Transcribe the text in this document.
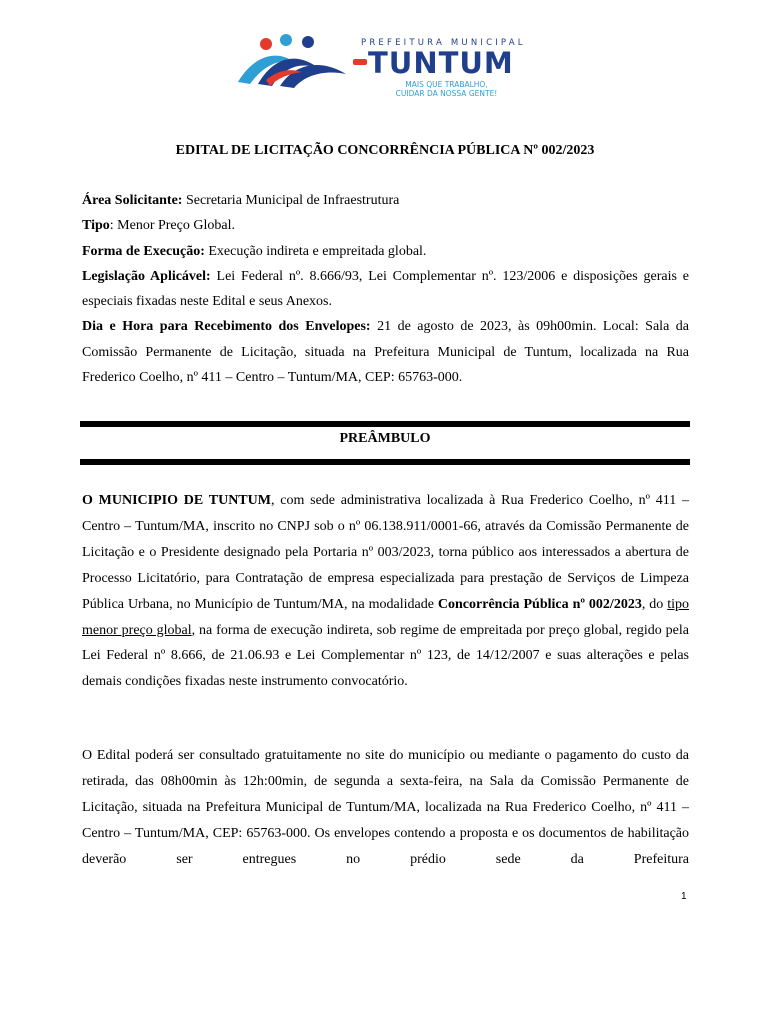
PREFEITURA MUNICIPAL
TUNTUM
MAIS QUE TRABALHO,
CUIDAR DA NOSSA GENTE!
EDITAL DE LICITAÇÃO CONCORRÊNCIA PÚBLICA Nº 002/2023

Área Solicitante: Secretaria Municipal de Infraestrutura

Tipo: Menor Preço Global.

Forma de Execução: Execução indireta e empreitada global.

Legislação Aplicável: Lei Federal nº. 8.666/93, Lei Complementar nº. 123/2006 e disposições gerais e especiais fixadas neste Edital e seus Anexos.

Dia e Hora para Recebimento dos Envelopes: 21 de agosto de 2023, às 09h00min. Local: Sala da Comissão Permanente de Licitação, situada na Prefeitura Municipal de Tuntum, localizada na Rua Frederico Coelho, nº 411 – Centro – Tuntum/MA, CEP: 65763-000.

PREÂMBULO

O MUNICIPIO DE TUNTUM, com sede administrativa localizada à Rua Frederico Coelho, nº 411 – Centro – Tuntum/MA, inscrito no CNPJ sob o nº 06.138.911/0001-66, através da Comissão Permanente de Licitação e o Presidente designado pela Portaria nº 003/2023, torna público aos interessados a abertura de Processo Licitatório, para Contratação de empresa especializada para prestação de Serviços de Limpeza Pública Urbana, no Município de Tuntum/MA, na modalidade Concorrência Pública nº 002/2023, do tipo menor preço global, na forma de execução indireta, sob regime de empreitada por preço global, regido pela Lei Federal nº 8.666, de 21.06.93 e Lei Complementar nº 123, de 14/12/2007 e suas alterações e pelas demais condições fixadas neste instrumento convocatório.

O Edital poderá ser consultado gratuitamente no site do município ou mediante o pagamento do custo da retirada, das 08h00min às 12h:00min, de segunda a sexta-feira, na Sala da Comissão Permanente de Licitação, situada na Prefeitura Municipal de Tuntum/MA, localizada na Rua Frederico Coelho, nº 411 – Centro – Tuntum/MA, CEP: 65763-000. Os envelopes contendo a proposta e os documentos de habilitação deverão ser entregues no prédio sede da Prefeitura

1
